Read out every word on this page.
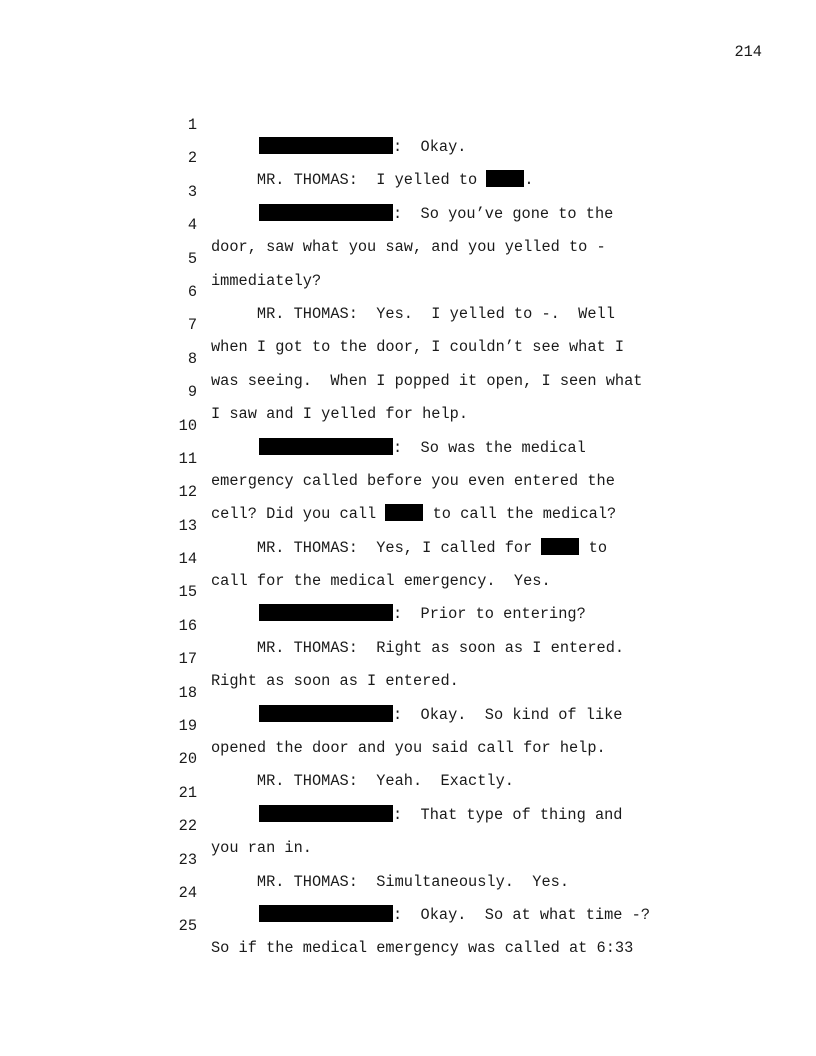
214

1

:  Okay.

2

MR. THOMAS:  I yelled to .

3

:  So you’ve gone to the

4

door, saw what you saw, and you yelled to -

5

immediately?

6

MR. THOMAS:  Yes.  I yelled to -.  Well

7

when I got to the door, I couldn’t see what I

8

was seeing.  When I popped it open, I seen what

9

I saw and I yelled for help.

10

:  So was the medical

11

emergency called before you even entered the

12

cell? Did you call  to call the medical?

13

MR. THOMAS:  Yes, I called for  to

14

call for the medical emergency.  Yes.

15

:  Prior to entering?

16

MR. THOMAS:  Right as soon as I entered.

17

Right as soon as I entered.

18

:  Okay.  So kind of like

19

opened the door and you said call for help.

20

MR. THOMAS:  Yeah.  Exactly.

21

:  That type of thing and

22

you ran in.

23

MR. THOMAS:  Simultaneously.  Yes.

24

:  Okay.  So at what time -?

25

So if the medical emergency was called at 6:33
